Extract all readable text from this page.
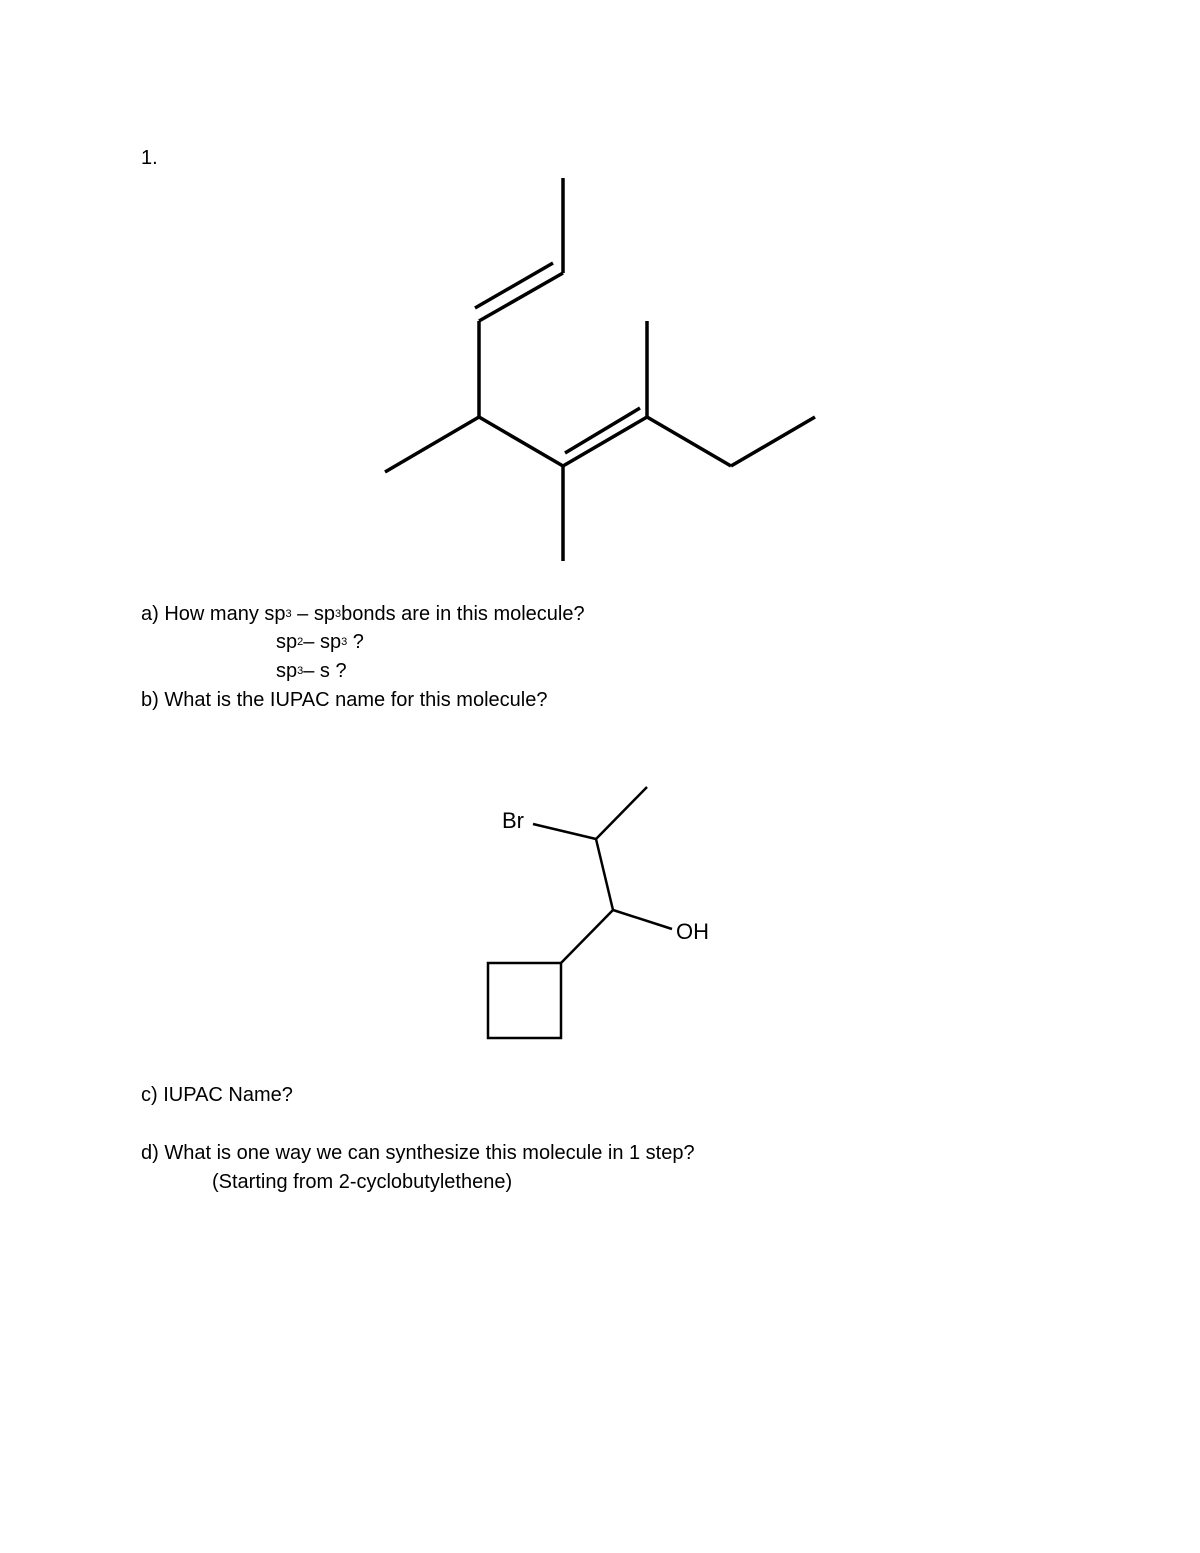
1.
a) How many $sp^3$ – $sp^3bonds$ are in this molecule?
$sp^2-$ $sp^3$ ?
$sp^3-$ s ?
b) What is the IUPAC name for this molecule?
Br
OH
c) IUPAC Name?
d) What is one way we can synthesize this molecule in 1 step?
(Starting from 2-cyclobutylethene)
